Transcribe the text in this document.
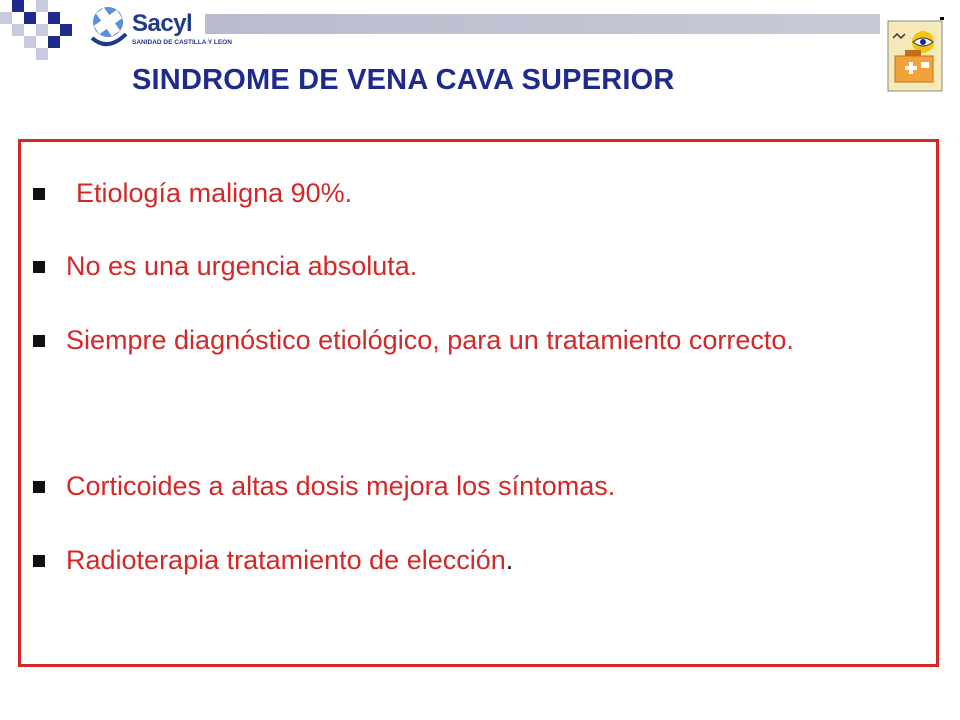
Sacyl
SANIDAD DE CASTILLA Y LEON
SINDROME DE VENA CAVA SUPERIOR
Etiología maligna 90%.
No es una urgencia absoluta.
Siempre diagnóstico etiológico, para un tratamiento correcto.
Corticoides a altas dosis mejora los síntomas.
Radioterapia tratamiento de elección.
